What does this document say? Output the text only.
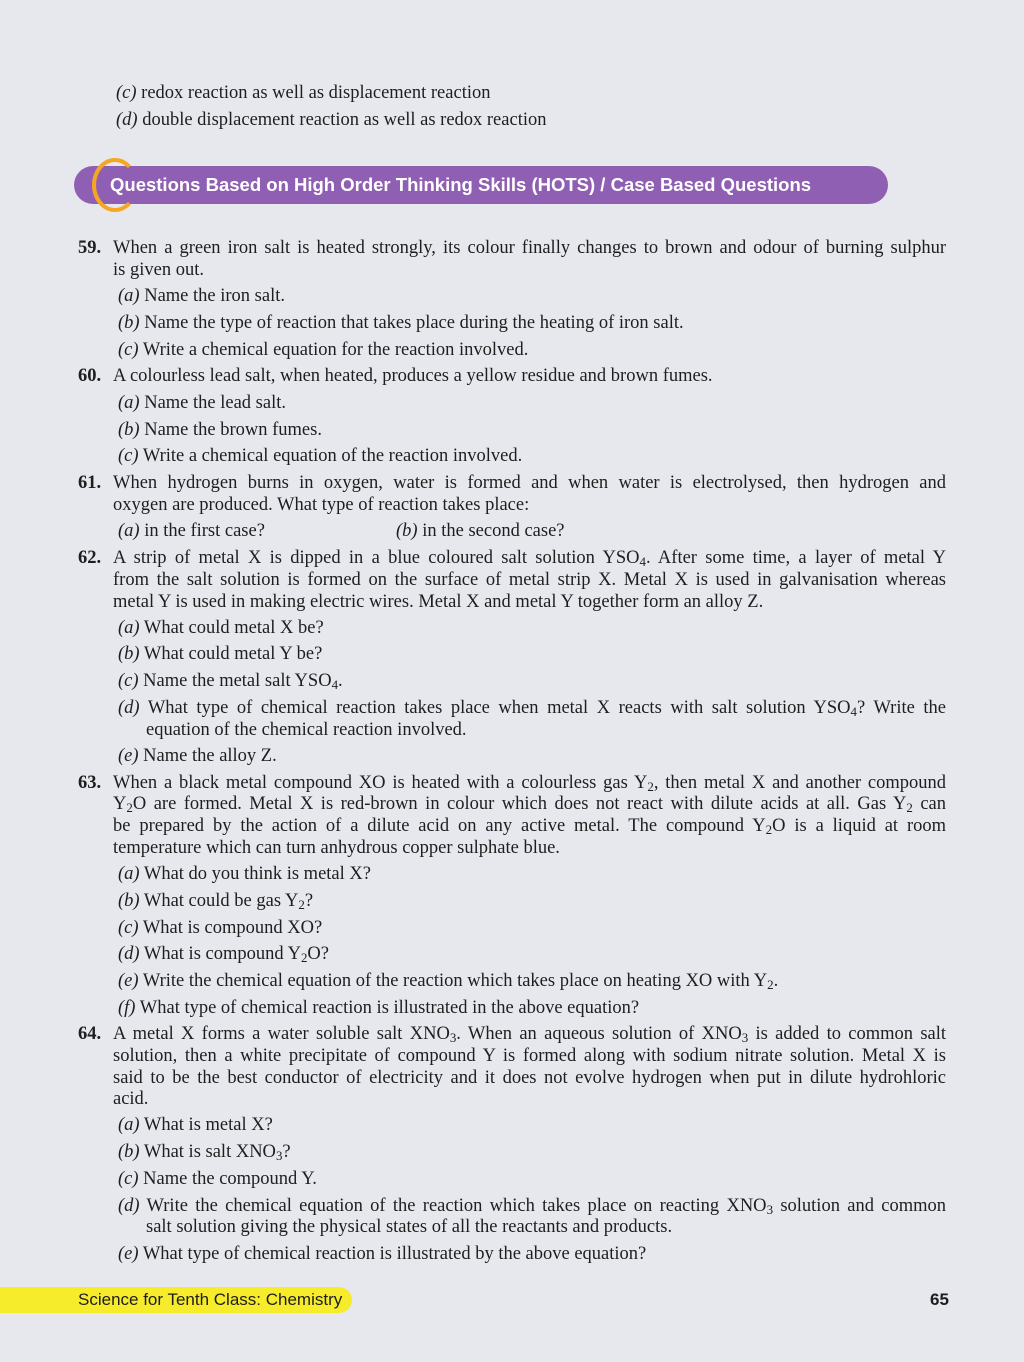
(c) redox reaction as well as displacement reaction
(d) double displacement reaction as well as redox reaction
Questions Based on High Order Thinking Skills (HOTS) / Case Based Questions
59. When a green iron salt is heated strongly, its colour finally changes to brown and odour of burning sulphur
is given out.
(a) Name the iron salt.
(b) Name the type of reaction that takes place during the heating of iron salt.
(c) Write a chemical equation for the reaction involved.
60. A colourless lead salt, when heated, produces a yellow residue and brown fumes.
(a) Name the lead salt.
(b) Name the brown fumes.
(c) Write a chemical equation of the reaction involved.
61. When hydrogen burns in oxygen, water is formed and when water is electrolysed, then hydrogen and
oxygen are produced. What type of reaction takes place:
(a) in the first case?	(b) in the second case?
62. A strip of metal X is dipped in a blue coloured salt solution $YSO_4$. After some time, a layer of metal Y
from the salt solution is formed on the surface of metal strip X. Metal X is used in galvanisation whereas
metal Y is used in making electric wires. Metal X and metal Y together form an alloy Z.
(a) What could metal X be?
(b) What could metal Y be?
(c) Name the metal salt $YSO_4$.
(d) What type of chemical reaction takes place when metal X reacts with salt solution $YSO_4$? Write the
equation of the chemical reaction involved.
(e) Name the alloy Z.
63. When a black metal compound XO is heated with a colourless gas $Y_2$, then metal X and another compound
$Y_2O$ are formed. Metal X is red-brown in colour which does not react with dilute acids at all. Gas $Y_2$ can
be prepared by the action of a dilute acid on any active metal. The compound $Y_2O$ is a liquid at room
temperature which can turn anhydrous copper sulphate blue.
(a) What do you think is metal X?
(b) What could be gas $Y_2$?
(c) What is compound XO?
(d) What is compound $Y_2O$?
(e) Write the chemical equation of the reaction which takes place on heating XO with $Y_2$.
(f) What type of chemical reaction is illustrated in the above equation?
64. A metal X forms a water soluble salt $XNO_3$. When an aqueous solution of $XNO_3$ is added to common salt
solution, then a white precipitate of compound Y is formed along with sodium nitrate solution. Metal X is
said to be the best conductor of electricity and it does not evolve hydrogen when put in dilute hydrohloric
acid.
(a) What is metal X?
(b) What is salt $XNO_3$?
(c) Name the compound Y.
(d) Write the chemical equation of the reaction which takes place on reacting $XNO_3$ solution and common
salt solution giving the physical states of all the reactants and products.
(e) What type of chemical reaction is illustrated by the above equation?
Science for Tenth Class: Chemistry	65
